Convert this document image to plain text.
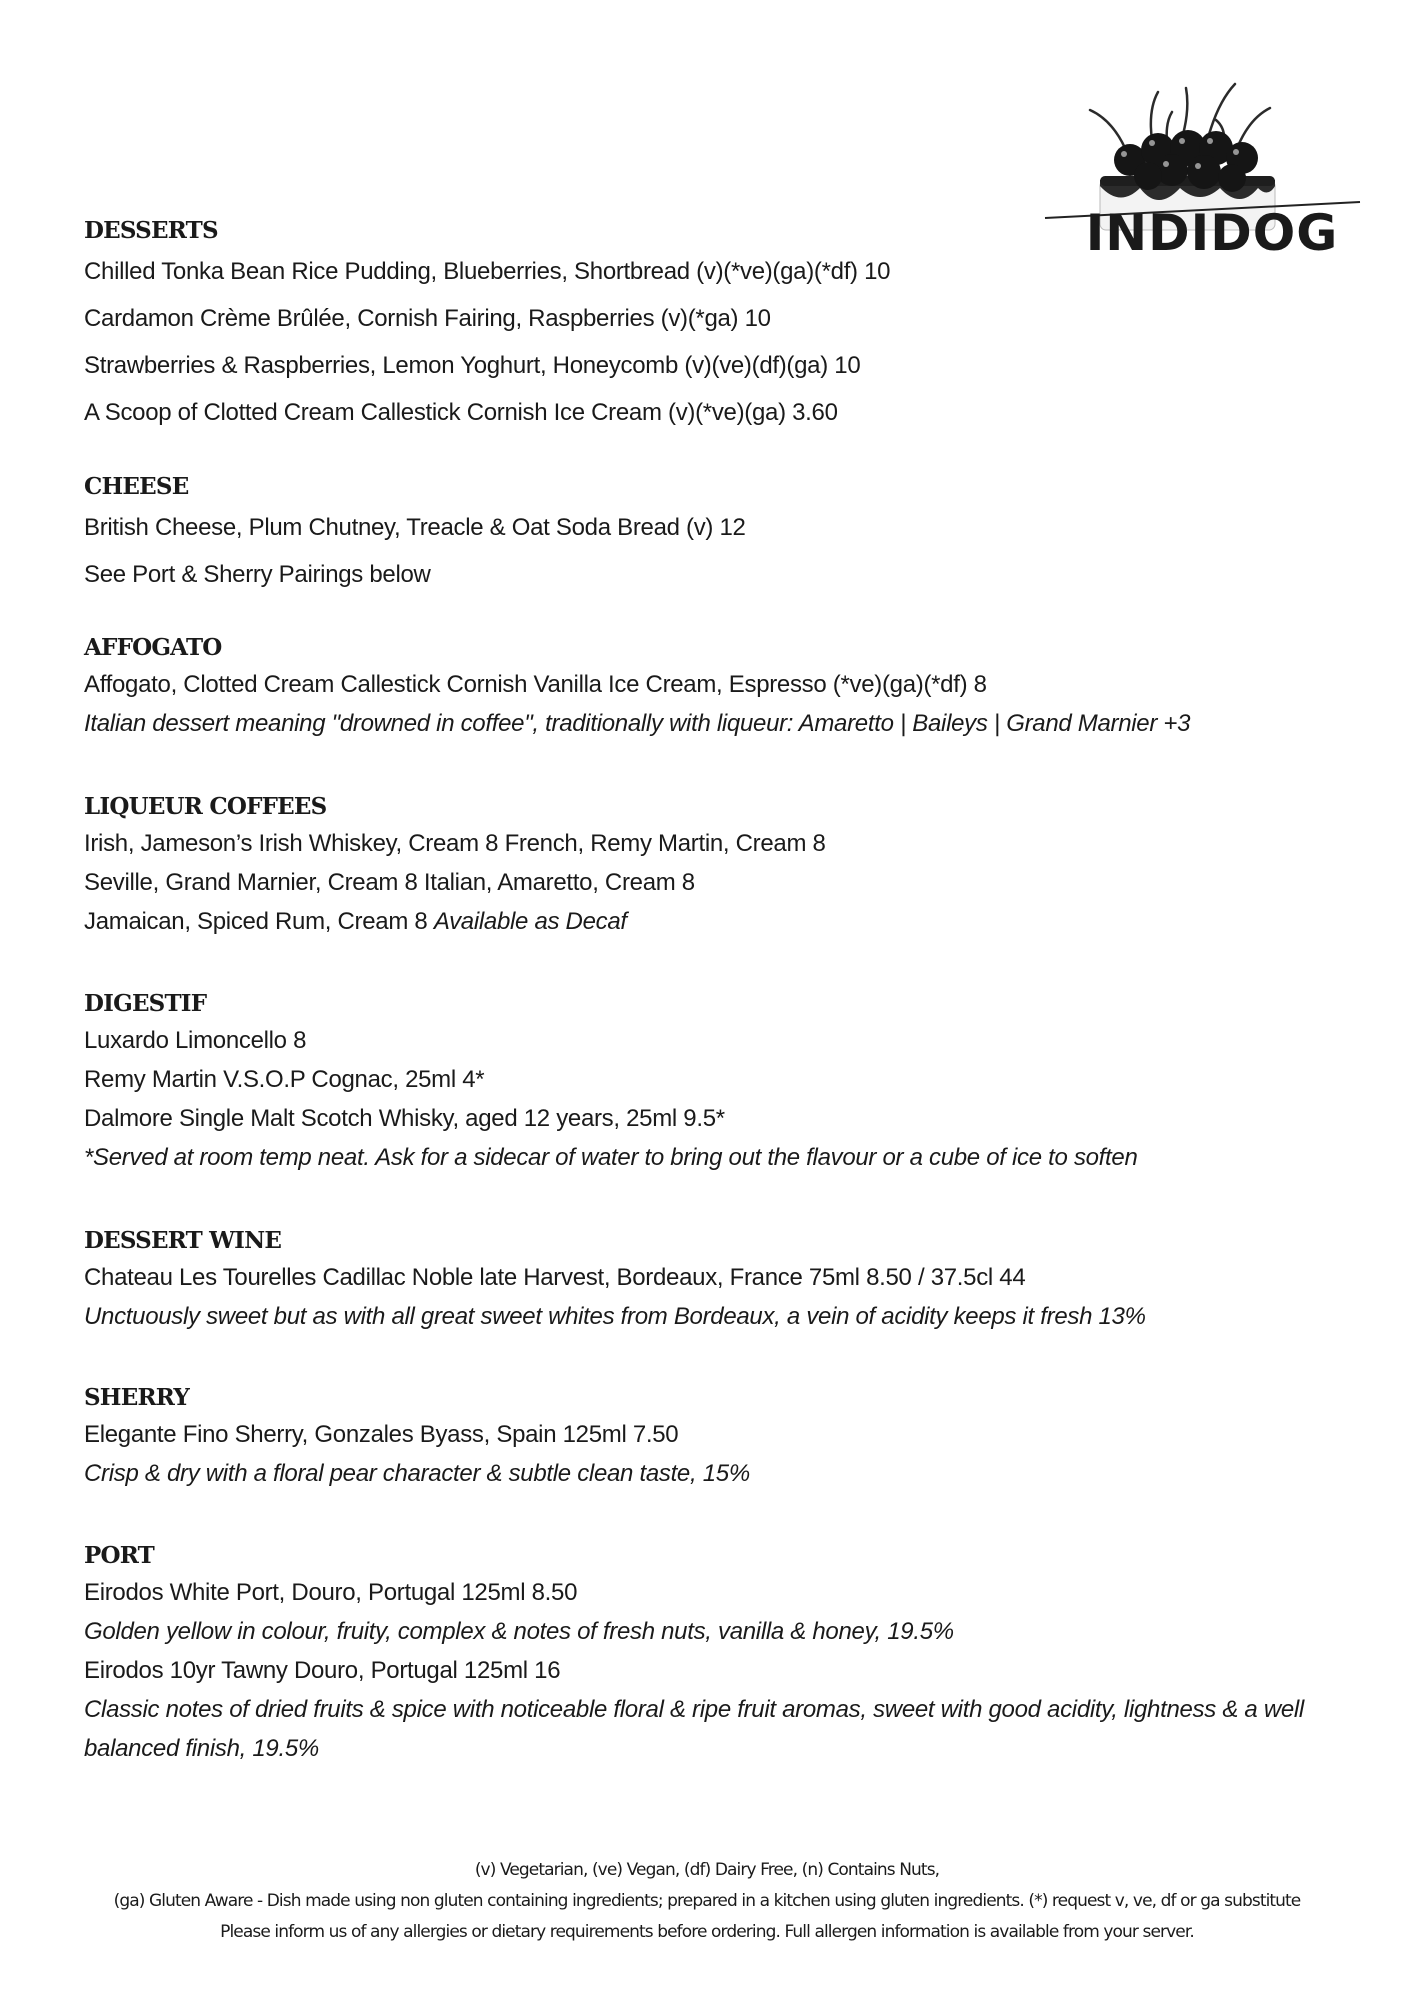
INDIDOG
DESSERTS
Chilled Tonka Bean Rice Pudding, Blueberries, Shortbread (v)(*ve)(ga)(*df) 10
Cardamon Crème Brûlée, Cornish Fairing, Raspberries (v)(*ga) 10
Strawberries & Raspberries, Lemon Yoghurt, Honeycomb (v)(ve)(df)(ga) 10
A Scoop of Clotted Cream Callestick Cornish Ice Cream (v)(*ve)(ga) 3.60
CHEESE
British Cheese, Plum Chutney, Treacle & Oat Soda Bread (v) 12
See Port & Sherry Pairings below
AFFOGATO
Affogato, Clotted Cream Callestick Cornish Vanilla Ice Cream, Espresso (*ve)(ga)(*df) 8
Italian dessert meaning "drowned in coffee", traditionally with liqueur: Amaretto | Baileys | Grand Marnier +3
LIQUEUR COFFEES
Irish, Jameson’s Irish Whiskey, Cream 8 French, Remy Martin, Cream 8
Seville, Grand Marnier, Cream 8 Italian, Amaretto, Cream 8
Jamaican, Spiced Rum, Cream 8 Available as Decaf
DIGESTIF
Luxardo Limoncello 8
Remy Martin V.S.O.P Cognac, 25ml 4*
Dalmore Single Malt Scotch Whisky, aged 12 years, 25ml 9.5*
*Served at room temp neat. Ask for a sidecar of water to bring out the flavour or a cube of ice to soften
DESSERT WINE
Chateau Les Tourelles Cadillac Noble late Harvest, Bordeaux, France 75ml 8.50 / 37.5cl 44
Unctuously sweet but as with all great sweet whites from Bordeaux, a vein of acidity keeps it fresh 13%
SHERRY
Elegante Fino Sherry, Gonzales Byass, Spain 125ml 7.50
Crisp & dry with a floral pear character & subtle clean taste, 15%
PORT
Eirodos White Port, Douro, Portugal 125ml 8.50
Golden yellow in colour, fruity, complex & notes of fresh nuts, vanilla & honey, 19.5%
Eirodos 10yr Tawny Douro, Portugal 125ml 16
Classic notes of dried fruits & spice with noticeable floral & ripe fruit aromas, sweet with good acidity, lightness & a well balanced finish, 19.5%
(v) Vegetarian, (ve) Vegan, (df) Dairy Free, (n) Contains Nuts,
(ga) Gluten Aware - Dish made using non gluten containing ingredients; prepared in a kitchen using gluten ingredients. (*) request v, ve, df or ga substitute
Please inform us of any allergies or dietary requirements before ordering. Full allergen information is available from your server.
